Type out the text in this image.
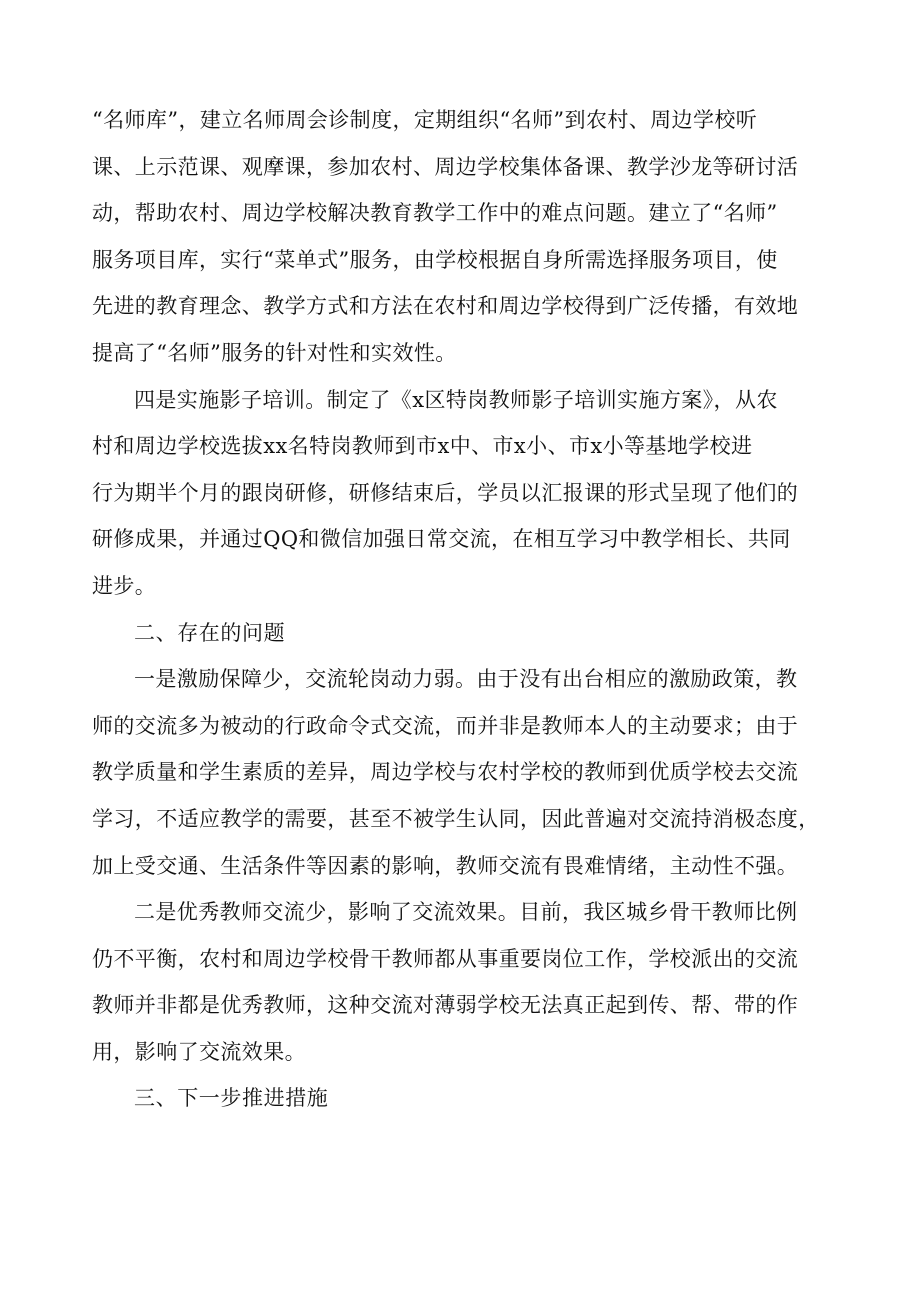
“名师库”，建立名师周会诊制度，定期组织“名师”到农村、周边学校听
课、上示范课、观摩课，参加农村、周边学校集体备课、教学沙龙等研讨活
动，帮助农村、周边学校解决教育教学工作中的难点问题。建立了“名师”
服务项目库，实行“菜单式”服务，由学校根据自身所需选择服务项目，使
先进的教育理念、教学方式和方法在农村和周边学校得到广泛传播，有效地
提高了“名师”服务的针对性和实效性。
四是实施影子培训。制定了《x区特岗教师影子培训实施方案》，从农
村和周边学校选拔xx名特岗教师到市x中、市x小、市x小等基地学校进
行为期半个月的跟岗研修，研修结束后，学员以汇报课的形式呈现了他们的
研修成果，并通过QQ和微信加强日常交流，在相互学习中教学相长、共同
进步。
二、存在的问题
一是激励保障少，交流轮岗动力弱。由于没有出台相应的激励政策，教
师的交流多为被动的行政命令式交流，而并非是教师本人的主动要求；由于
教学质量和学生素质的差异，周边学校与农村学校的教师到优质学校去交流
学习，不适应教学的需要，甚至不被学生认同，因此普遍对交流持消极态度，
加上受交通、生活条件等因素的影响，教师交流有畏难情绪，主动性不强。
二是优秀教师交流少，影响了交流效果。目前，我区城乡骨干教师比例
仍不平衡，农村和周边学校骨干教师都从事重要岗位工作，学校派出的交流
教师并非都是优秀教师，这种交流对薄弱学校无法真正起到传、帮、带的作
用，影响了交流效果。
三、下一步推进措施
